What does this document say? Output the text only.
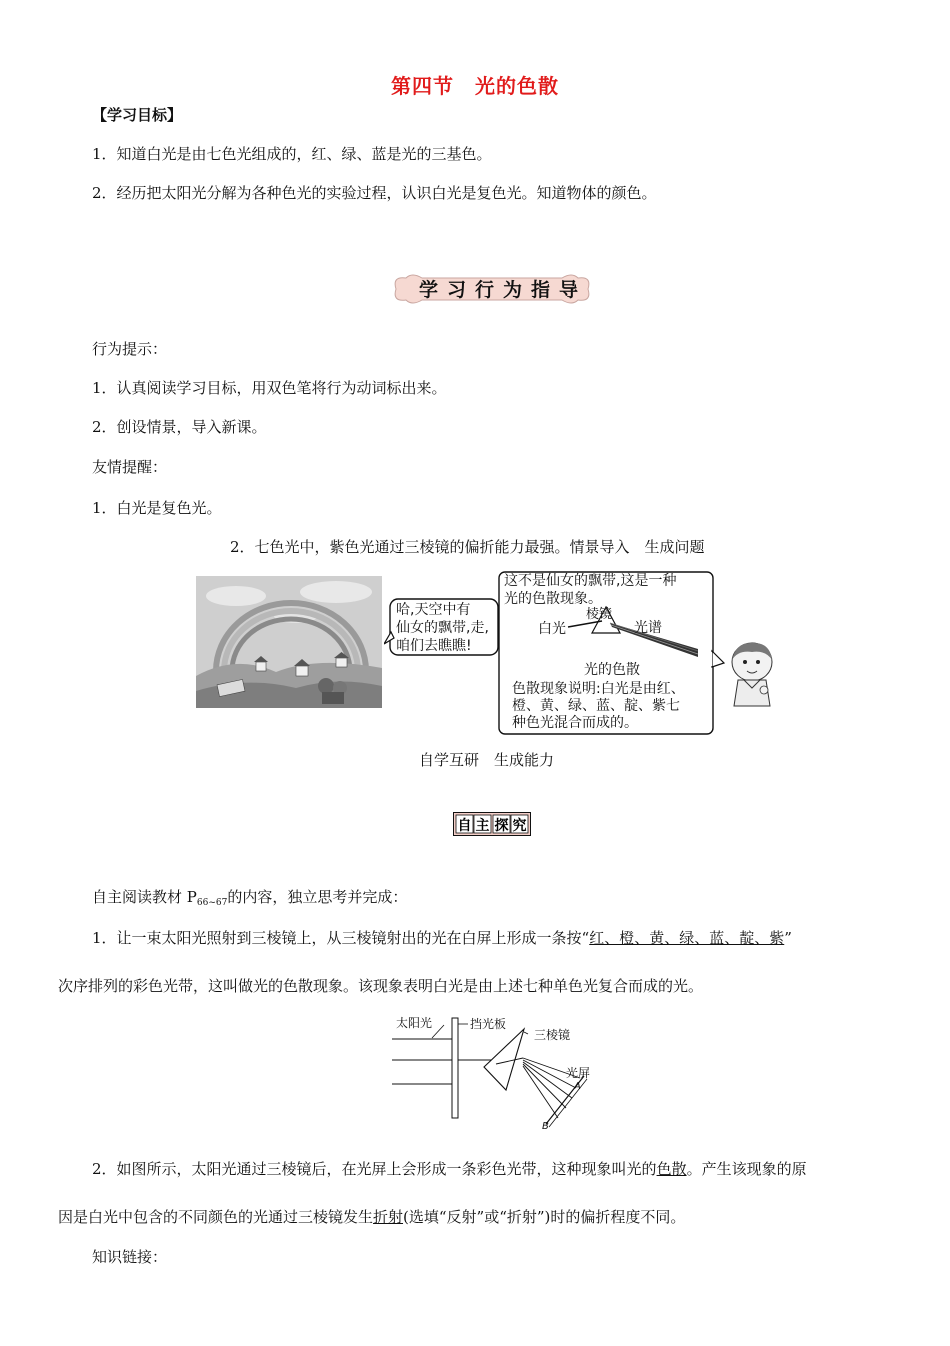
第四节　光的色散
【学习目标】
1．知道白光是由七色光组成的，红、绿、蓝是光的三基色。
2．经历把太阳光分解为各种色光的实验过程，认识白光是复色光。知道物体的颜色。
学 习 行 为 指 导
行为提示：
1．认真阅读学习目标，用双色笔将行为动词标出来。
2．创设情景，导入新课。
友情提醒：
1．白光是复色光。
2．七色光中，紫色光通过三棱镜的偏折能力最强。情景导入　生成问题
哈,天空中有
仙女的飘带,走,
咱们去瞧瞧!
这不是仙女的飘带,这是一种
光的色散现象。
棱镜
白光	光谱
光的色散
色散现象说明:白光是由红、
橙、黄、绿、蓝、靛、紫七
种色光混合而成的。
自学互研　生成能力
自 主 探 究
自主阅读教材 $P_{66\sim 67}$的内容，独立思考并完成：
1．让一束太阳光照射到三棱镜上，从三棱镜射出的光在白屏上形成一条按“红、橙、黄、绿、蓝、靛、紫”
次序排列的彩色光带，这叫做光的色散现象。该现象表明白光是由上述七种单色光复合而成的光。
太阳光	挡光板
三棱镜
光屏
A
B
2．如图所示，太阳光通过三棱镜后，在光屏上会形成一条彩色光带，这种现象叫光的色散。产生该现象的原
因是白光中包含的不同颜色的光通过三棱镜发生折射(选填“反射”或“折射”)时的偏折程度不同。
知识链接：
